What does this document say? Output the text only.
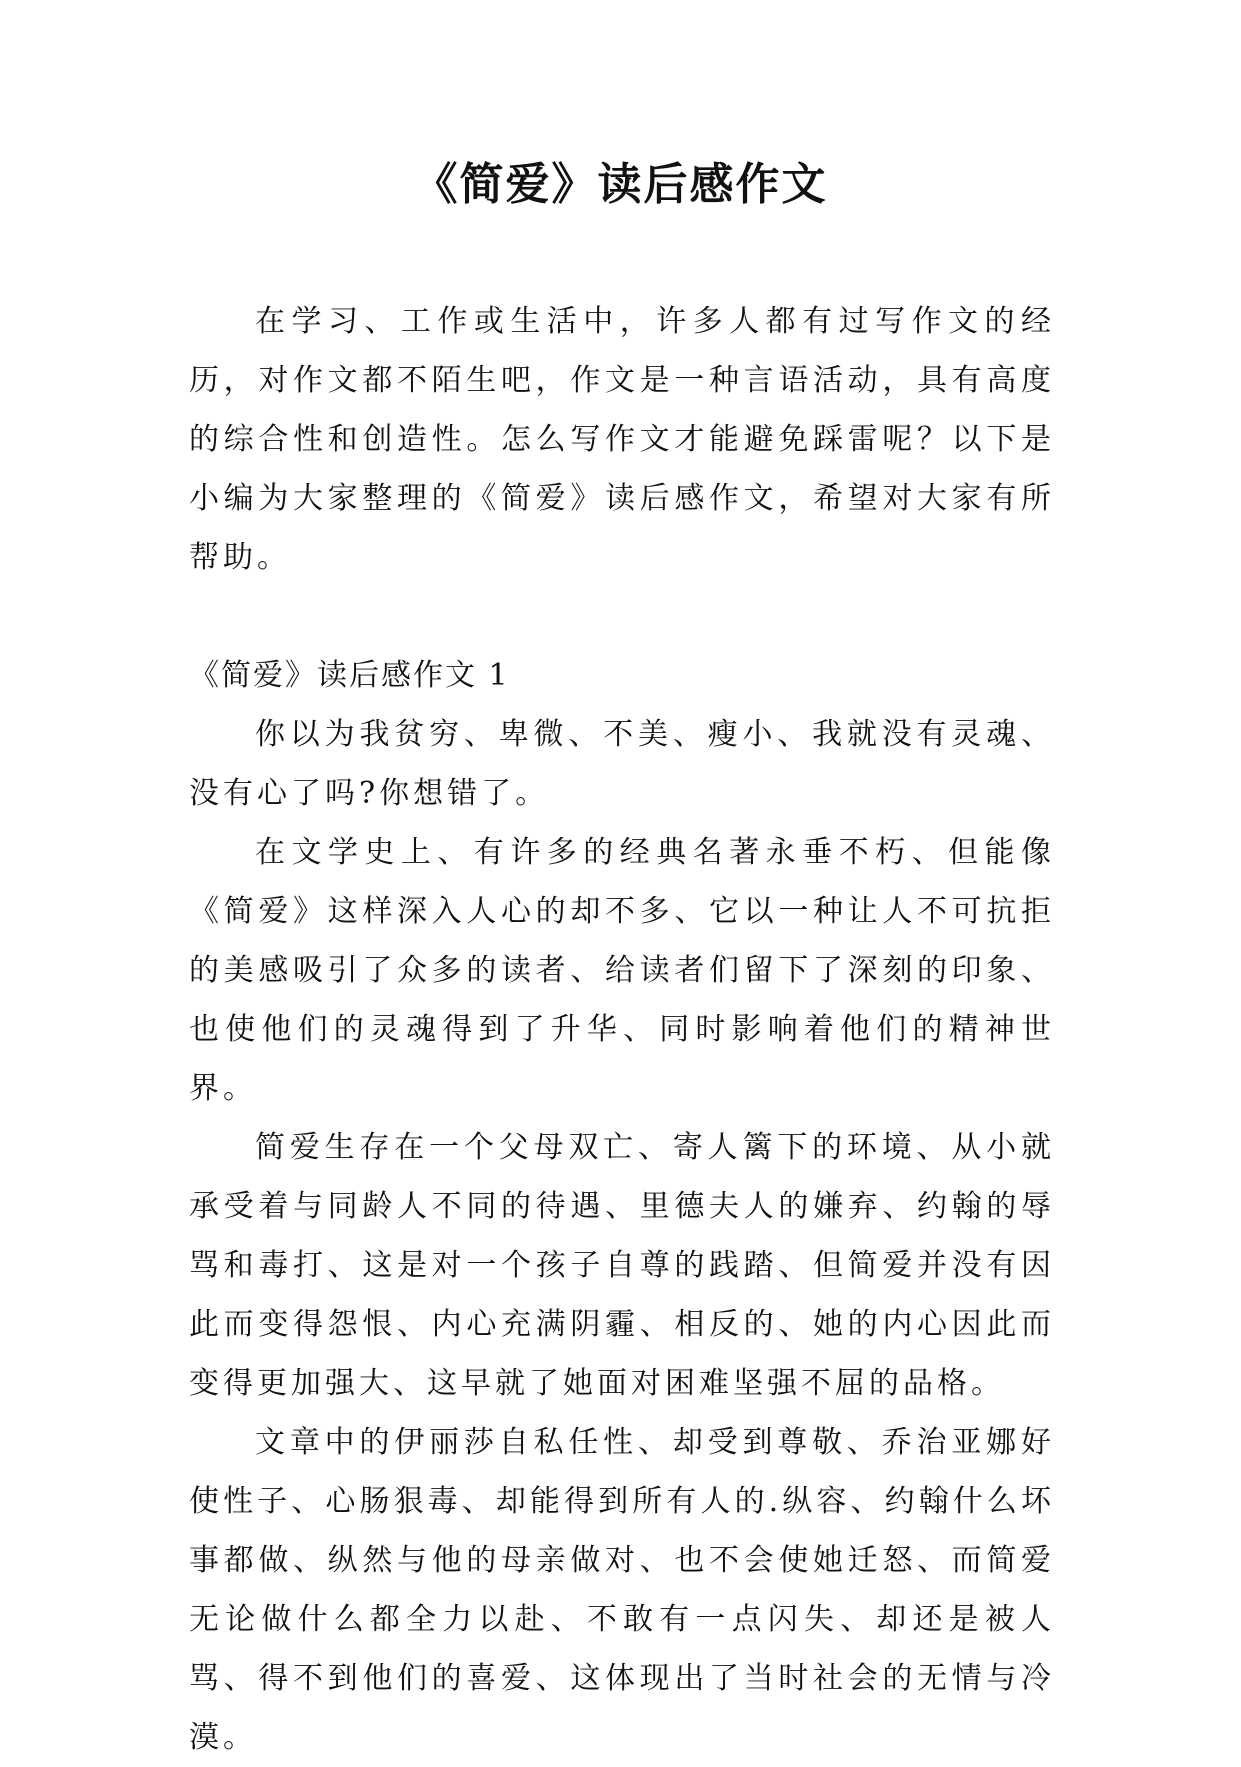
《简爱》读后感作文

在学习、工作或生活中，许多人都有过写作文的经历，对作文都不陌生吧，作文是一种言语活动，具有高度的综合性和创造性。怎么写作文才能避免踩雷呢？以下是小编为大家整理的《简爱》读后感作文，希望对大家有所帮助。

《简爱》读后感作文 1

你以为我贫穷、卑微、不美、瘦小、我就没有灵魂、没有心了吗?你想错了。

在文学史上、有许多的经典名著永垂不朽、但能像《简爱》这样深入人心的却不多、它以一种让人不可抗拒的美感吸引了众多的读者、给读者们留下了深刻的印象、也使他们的灵魂得到了升华、同时影响着他们的精神世界。

简爱生存在一个父母双亡、寄人篱下的环境、从小就承受着与同龄人不同的待遇、里德夫人的嫌弃、约翰的辱骂和毒打、这是对一个孩子自尊的践踏、但简爱并没有因此而变得怨恨、内心充满阴霾、相反的、她的内心因此而变得更加强大、这早就了她面对困难坚强不屈的品格。

文章中的伊丽莎自私任性、却受到尊敬、乔治亚娜好使性子、心肠狠毒、却能得到所有人的.纵容、约翰什么坏事都做、纵然与他的母亲做对、也不会使她迁怒、而简爱无论做什么都全力以赴、不敢有一点闪失、却还是被人骂、得不到他们的喜爱、这体现出了当时社会的无情与冷漠。
